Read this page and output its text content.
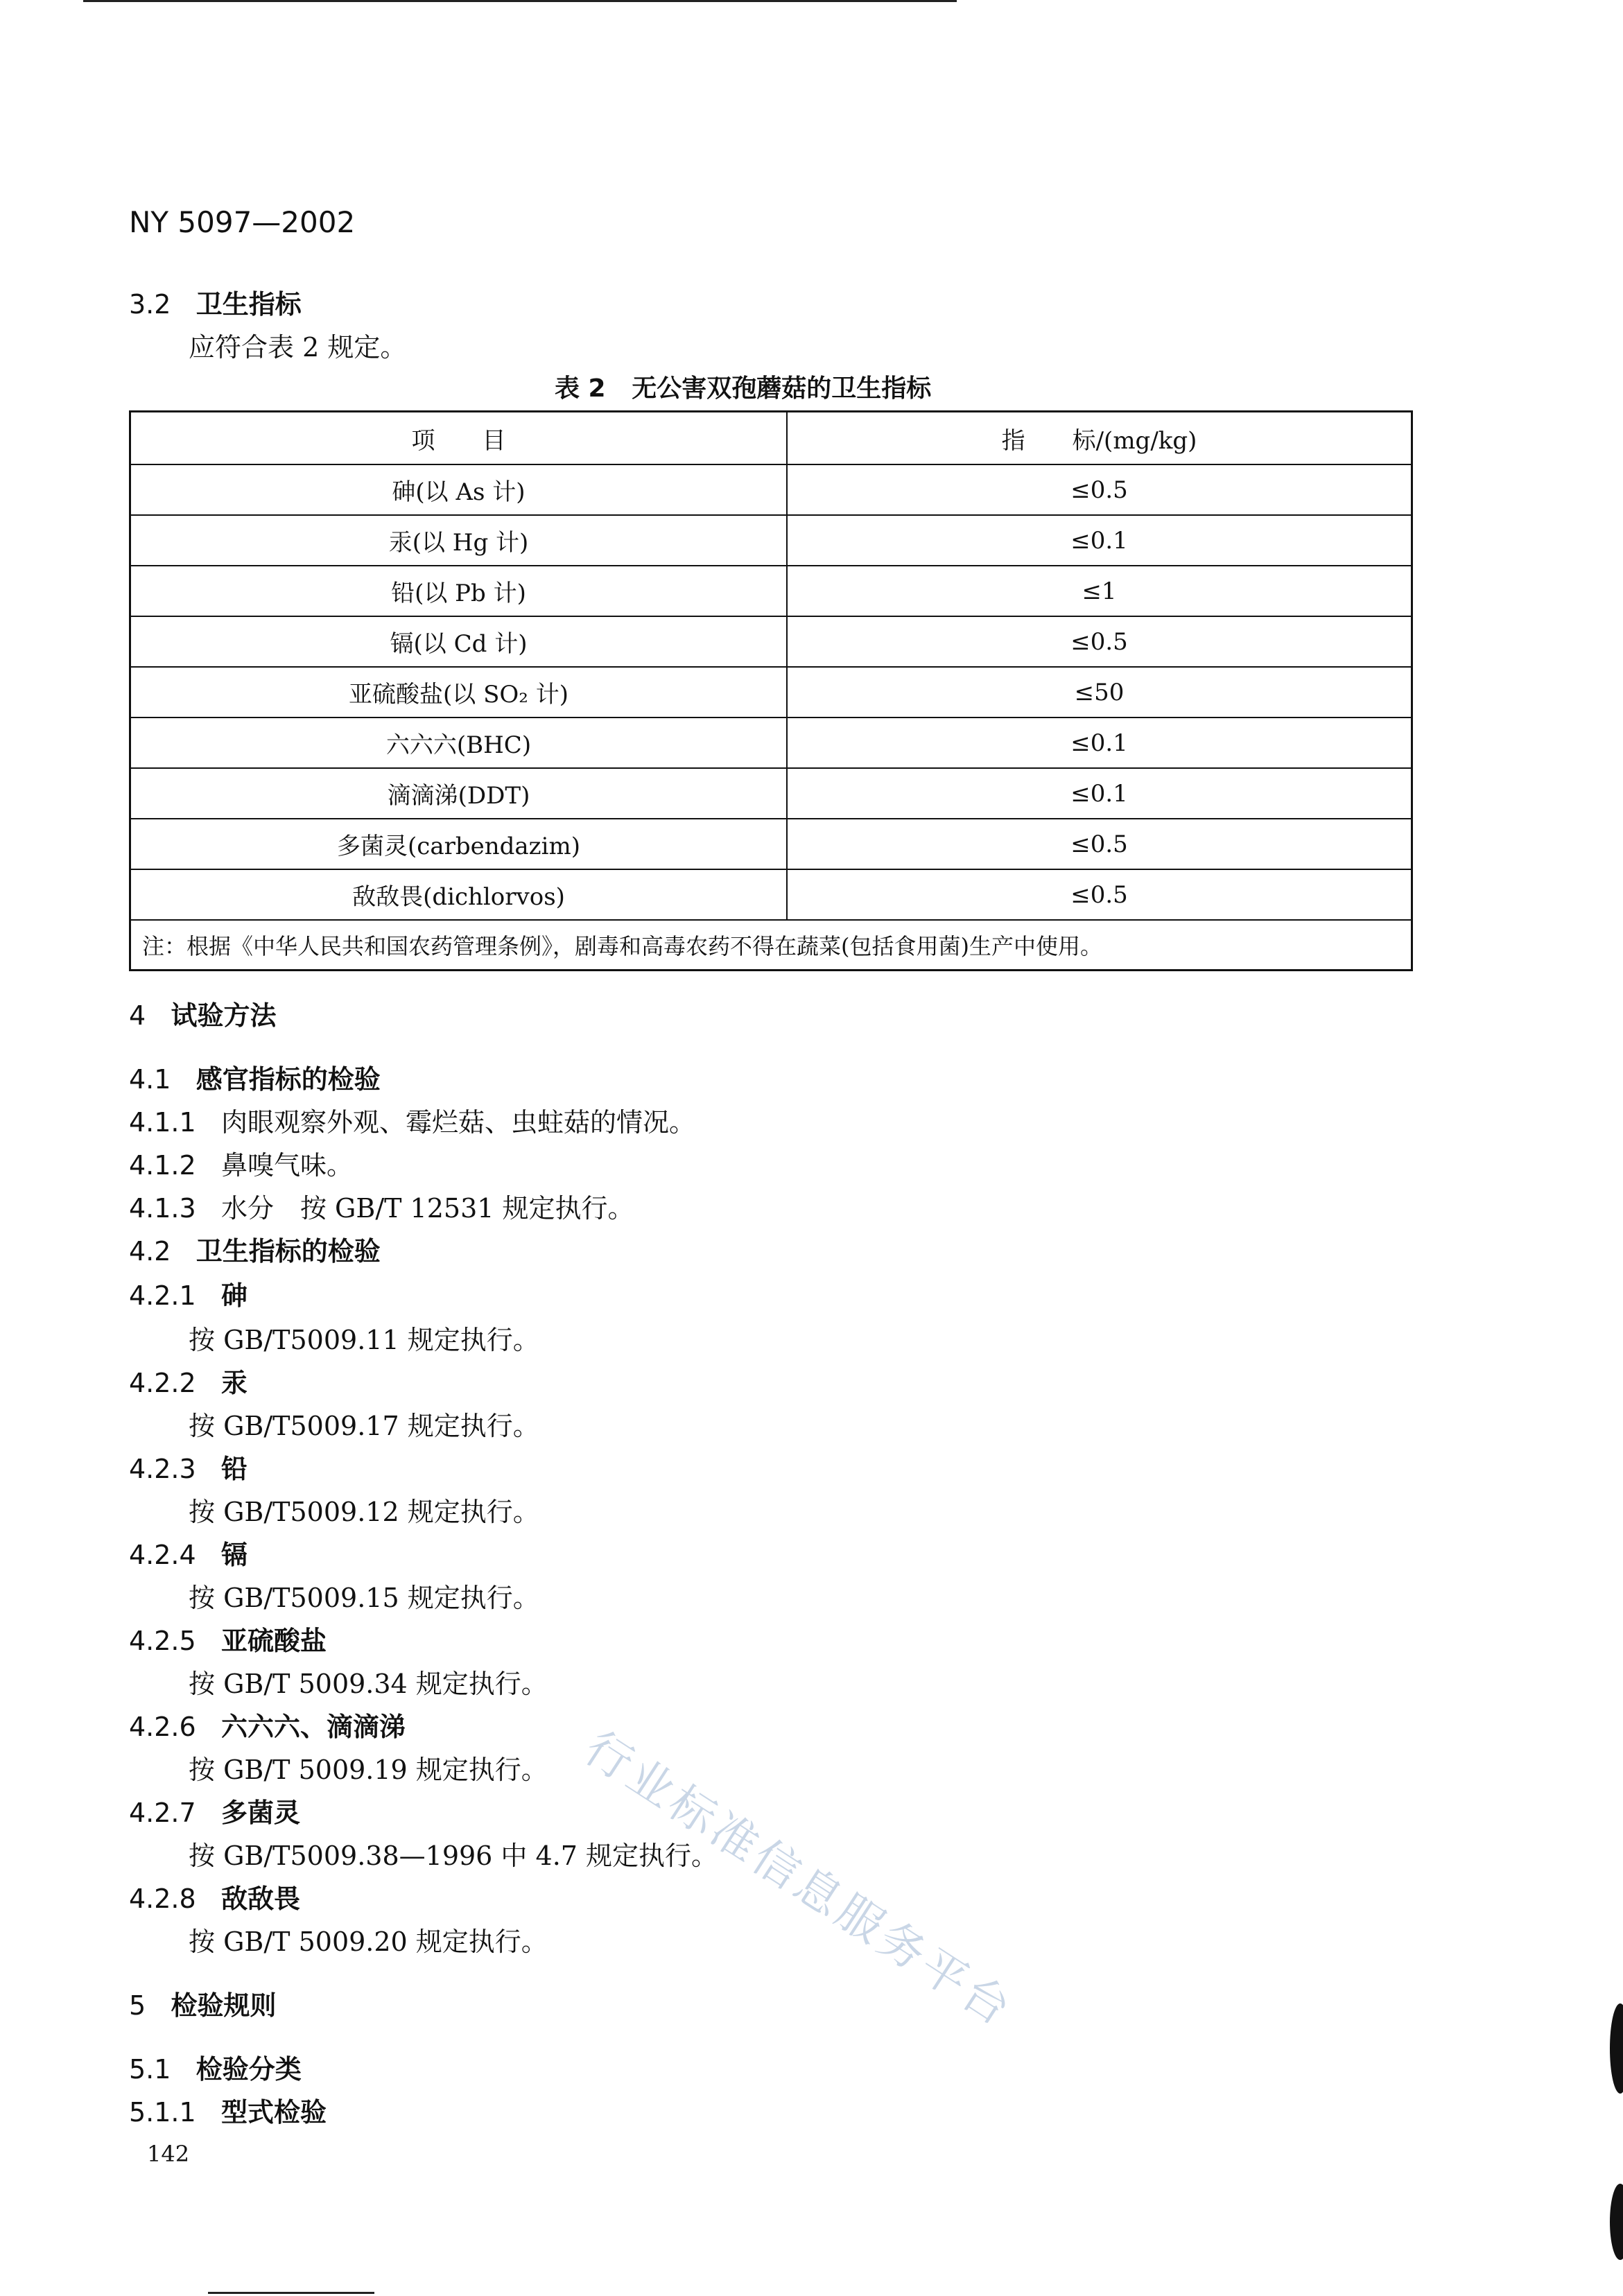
NY 5097—2002
3.2 卫生指标
应符合表 2 规定。
表 2 无公害双孢蘑菇的卫生指标
项　　目	指　　标/(mg/kg)
砷(以 As 计)	≤0.5
汞(以 Hg 计)	≤0.1
铅(以 Pb 计)	≤1
镉(以 Cd 计)	≤0.5
亚硫酸盐(以 SO₂ 计)	≤50
六六六(BHC)	≤0.1
滴滴涕(DDT)	≤0.1
多菌灵(carbendazim)	≤0.5
敌敌畏(dichlorvos)	≤0.5
注：根据《中华人民共和国农药管理条例》，剧毒和高毒农药不得在蔬菜(包括食用菌)生产中使用。	
4 试验方法
4.1 感官指标的检验
4.1.1 肉眼观察外观、霉烂菇、虫蛀菇的情况。
4.1.2 鼻嗅气味。
4.1.3 水分　按 GB/T 12531 规定执行。
4.2 卫生指标的检验
4.2.1 砷
按 GB/T5009.11 规定执行。
4.2.2 汞
按 GB/T5009.17 规定执行。
4.2.3 铅
按 GB/T5009.12 规定执行。
4.2.4 镉
按 GB/T5009.15 规定执行。
4.2.5 亚硫酸盐
按 GB/T 5009.34 规定执行。
4.2.6 六六六、滴滴涕
按 GB/T 5009.19 规定执行。
4.2.7 多菌灵
按 GB/T5009.38—1996 中 4.7 规定执行。
4.2.8 敌敌畏
按 GB/T 5009.20 规定执行。
5 检验规则
5.1 检验分类
5.1.1 型式检验
142
行业标准信息服务平台
